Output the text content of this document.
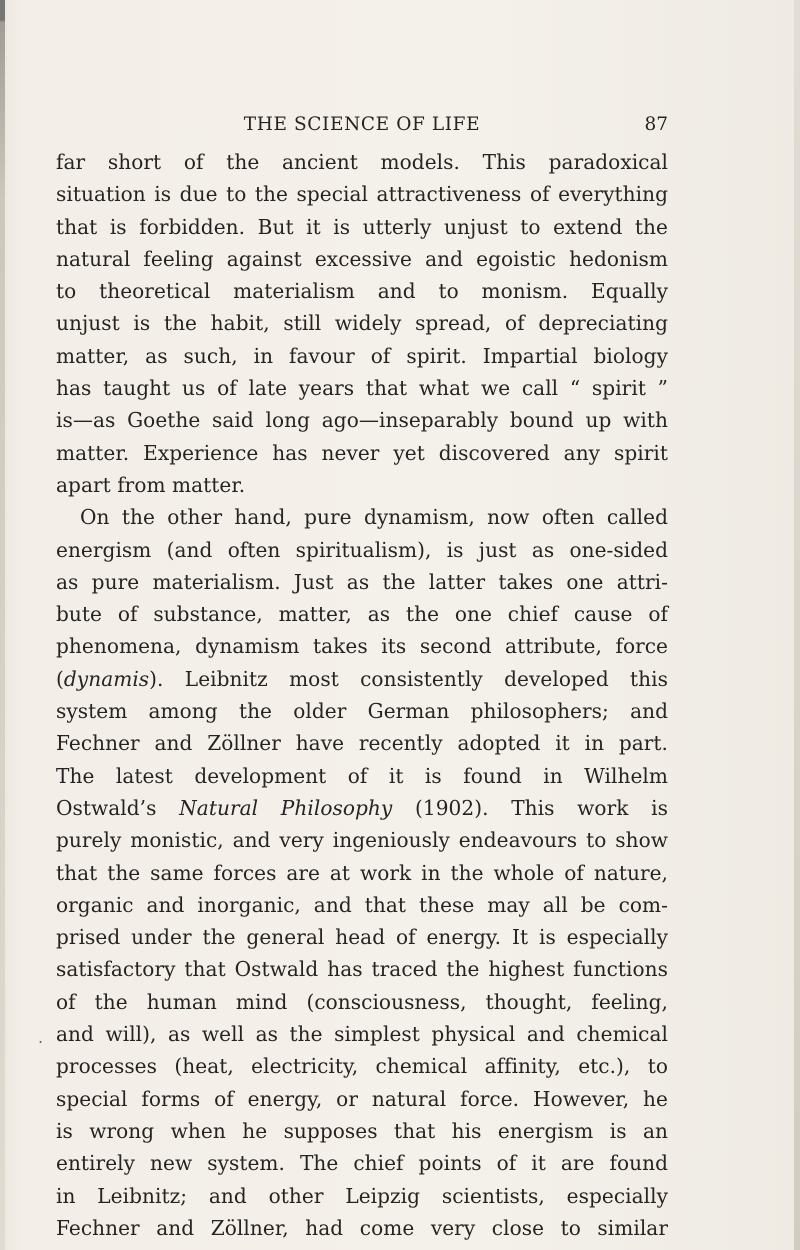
THE SCIENCE OF LIFE	87
far short of the ancient models. This paradoxical
situation is due to the special attractiveness of everything
that is forbidden. But it is utterly unjust to extend the
natural feeling against excessive and egoistic hedonism
to theoretical materialism and to monism. Equally
unjust is the habit, still widely spread, of depreciating
matter, as such, in favour of spirit. Impartial biology
has taught us of late years that what we call “ spirit ”
is—as Goethe said long ago—inseparably bound up with
matter. Experience has never yet discovered any spirit
apart from matter.
On the other hand, pure dynamism, now often called
energism (and often spiritualism), is just as one-sided
as pure materialism. Just as the latter takes one attri-
bute of substance, matter, as the one chief cause of
phenomena, dynamism takes its second attribute, force
(dynamis). Leibnitz most consistently developed this
system among the older German philosophers; and
Fechner and Zöllner have recently adopted it in part.
The latest development of it is found in Wilhelm
Ostwald’s Natural Philosophy (1902). This work is
purely monistic, and very ingeniously endeavours to show
that the same forces are at work in the whole of nature,
organic and inorganic, and that these may all be com-
prised under the general head of energy. It is especially
satisfactory that Ostwald has traced the highest functions
of the human mind (consciousness, thought, feeling,
and will), as well as the simplest physical and chemical
processes (heat, electricity, chemical affinity, etc.), to
special forms of energy, or natural force. However, he
is wrong when he supposes that his energism is an
entirely new system. The chief points of it are found
in Leibnitz; and other Leipzig scientists, especially
Fechner and Zöllner, had come very close to similar
.
